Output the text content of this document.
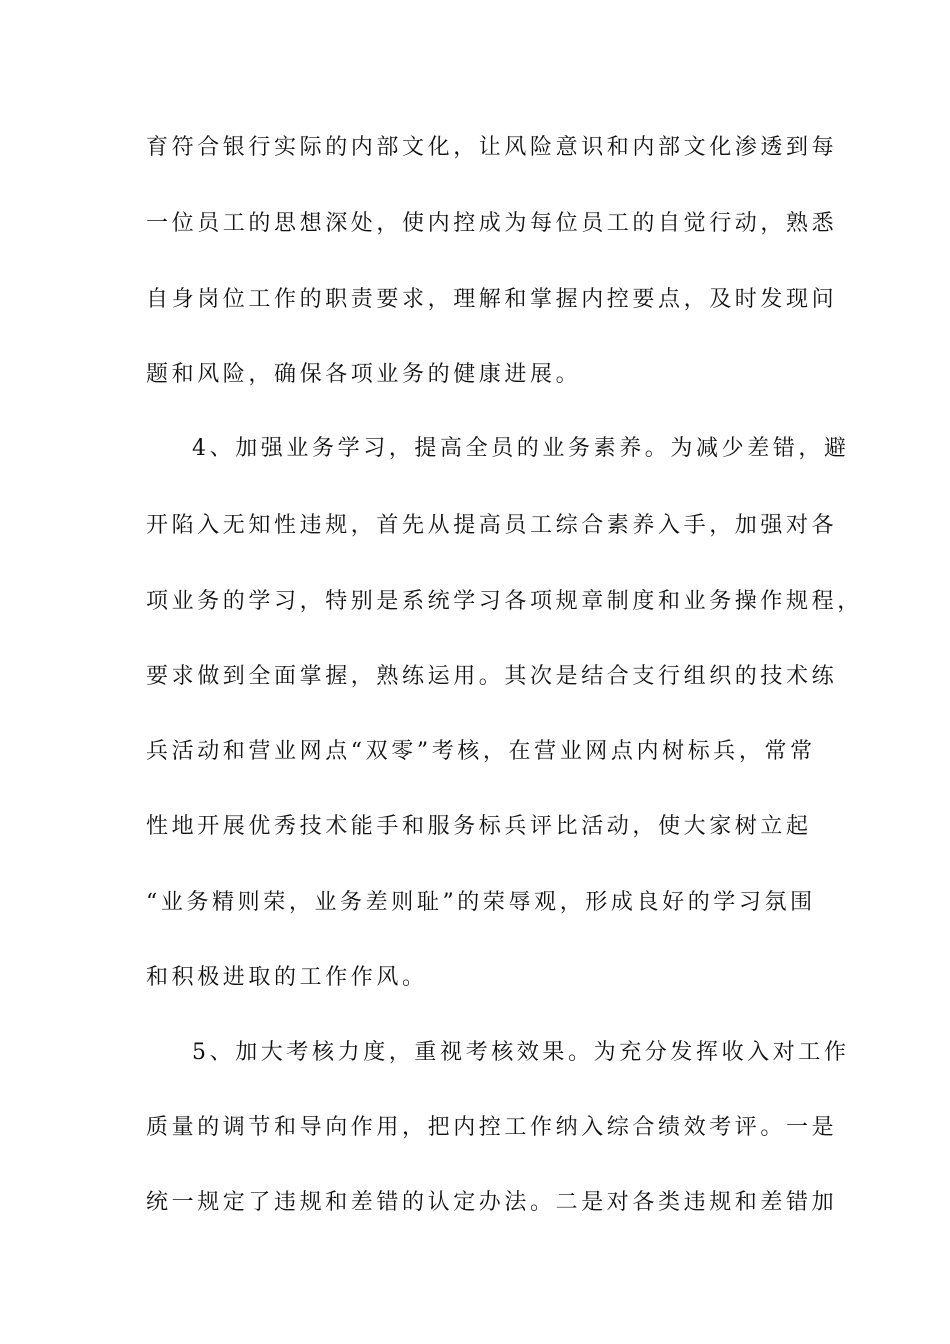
育符合银行实际的内部文化，让风险意识和内部文化渗透到每
一位员工的思想深处，使内控成为每位员工的自觉行动，熟悉
自身岗位工作的职责要求，理解和掌握内控要点，及时发现问
题和风险，确保各项业务的健康进展。
4、加强业务学习，提高全员的业务素养。为减少差错，避
开陷入无知性违规，首先从提高员工综合素养入手，加强对各
项业务的学习，特别是系统学习各项规章制度和业务操作规程，
要求做到全面掌握，熟练运用。其次是结合支行组织的技术练
兵活动和营业网点“双零”考核，在营业网点内树标兵，常常
性地开展优秀技术能手和服务标兵评比活动，使大家树立起
“业务精则荣，业务差则耻”的荣辱观，形成良好的学习氛围
和积极进取的工作作风。
5、加大考核力度，重视考核效果。为充分发挥收入对工作
质量的调节和导向作用，把内控工作纳入综合绩效考评。一是
统一规定了违规和差错的认定办法。二是对各类违规和差错加
